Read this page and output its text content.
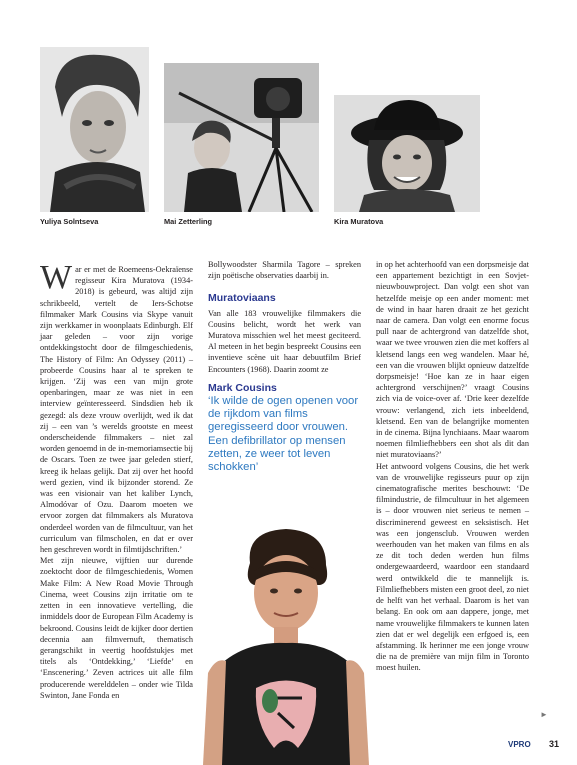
Yuliya Solntseva	Mai Zetterling	Kira Muratova

War er met de Roemeens-Oekraïense regisseur Kira Muratova (1934-2018) is gebeurd, was altijd zijn schrikbeeld, vertelt de Iers-Schotse filmmaker Mark Cousins via Skype vanuit zijn werkkamer in woonplaats Edinburgh. Elf jaar geleden – voor zijn vorige ontdekkingstocht door de filmgeschiedenis, The History of Film: An Odyssey (2011) – probeerde Cousins haar al te spreken te krijgen. ‘Zij was een van mijn grote openbaringen, maar ze was niet in een interview geïnteresseerd. Sindsdien heb ik gezegd: als deze vrouw overlijdt, wed ik dat zij – een van ’s werelds grootste en meest onderscheidende filmmakers – niet zal worden genoemd in de in-memoriamsectie bij de Oscars. Toen ze twee jaar geleden stierf, kreeg ik helaas gelijk. Dat zij over het hoofd werd gezien, vind ik bijzonder storend. Ze was een visionair van het kaliber Lynch, Almodóvar of Ozu. Daarom moeten we ervoor zorgen dat filmmakers als Muratova onderdeel worden van de filmcultuur, van het curriculum van filmscholen, en dat er over hen geschreven wordt in filmtijdschriften.’

Met zijn nieuwe, vijftien uur durende zoektocht door de filmgeschiedenis, Women Make Film: A New Road Movie Through Cinema, weet Cousins zijn irritatie om te zetten in een innovatieve vertelling, die inmiddels door de European Film Academy is bekroond. Cousins leidt de kijker door dertien decennia aan filmvernuft, thematisch gerangschikt in veertig hoofdstukjes met titels als ‘Ontdekking,’ ‘Liefde’ en ‘Enscenering.’ Zeven actrices uit alle film producerende werelddelen – onder wie Tilda Swinton, Jane Fonda en

Bollywoodster Sharmila Tagore – spreken zijn poëtische observaties daarbij in.

Muratoviaans

Van alle 183 vrouwelijke filmmakers die Cousins belicht, wordt het werk van Muratova misschien wel het meest geciteerd. Al meteen in het begin bespreekt Cousins een inventieve scène uit haar debuutfilm Brief Encounters (1968). Daarin zoomt ze

Mark Cousins
‘Ik wilde de ogen openen voor de rijkdom van films geregisseerd door vrouwen. Een defibrillator op mensen zetten, ze weer tot leven schokken’

in op het achterhoofd van een dorpsmeisje dat een appartement bezichtigt in een Sovjet-nieuwbouwproject. Dan volgt een shot van hetzelfde meisje op een ander moment: met de wind in haar haren draait ze het gezicht naar de camera. Dan volgt een enorme focus pull naar de achtergrond van datzelfde shot, waar we twee vrouwen zien die met koffers al kletsend langs een weg wandelen. Maar hé, een van die vrouwen blijkt opnieuw datzelfde dorpsmeisje! ‘Hoe kan ze in haar eigen achtergrond verschijnen?’ vraagt Cousins zich via de voice-over af. ‘Drie keer dezelfde vrouw: verlangend, zich iets inbeeldend, kletsend. Een van de belangrijke momenten in de cinema. Bijna lynchiaans. Maar waarom noemen filmliefhebbers een shot als dit dan niet muratoviaans?’

Het antwoord volgens Cousins, die het werk van de vrouwelijke regisseurs puur op zijn cinematografische merites beschouwt: ‘De filmindustrie, de filmcultuur in het algemeen is – door vrouwen niet serieus te nemen – discriminerend geweest en seksistisch. Het was een jongensclub. Vrouwen werden weerhouden van het maken van films en als ze dit toch deden werden hun films ondergewaardeerd, waardoor een standaard werd ontwikkeld die te mannelijk is. Filmliefhebbers misten een groot deel, zo niet de helft van het verhaal. Daarom is het van belang. En ook om aan dappere, jonge, met name vrouwelijke filmmakers te kunnen laten zien dat er wel degelijk een erfgoed is, een afstamming. Ik herinner me een jonge vrouw die na de première van mijn film in Toronto moest huilen.

►
VPRO 31
